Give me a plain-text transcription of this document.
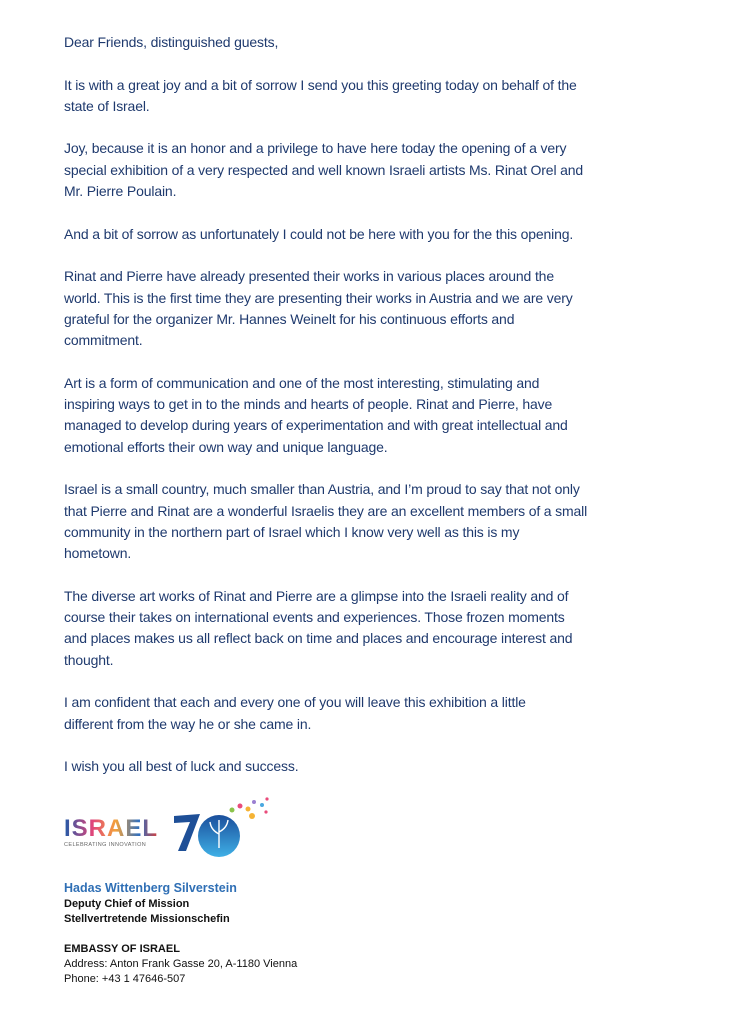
Dear Friends, distinguished guests,

It is with a great joy and a bit of sorrow I send you this greeting today on behalf of the
state of Israel.

Joy, because it is an honor and a privilege to have here today the opening of a very
special exhibition of a very respected and well known Israeli artists Ms. Rinat Orel and
Mr. Pierre Poulain.

And a bit of sorrow as unfortunately I could not be here with you for the this opening.

Rinat and Pierre have already presented their works in various places around the
world. This is the first time they are presenting their works in Austria and we are very
grateful for the organizer Mr. Hannes Weinelt for his continuous efforts and
commitment.

Art is a form of communication and one of the most interesting, stimulating and
inspiring ways to get in to the minds and hearts of people. Rinat and Pierre, have
managed to develop during years of experimentation and with great intellectual and
emotional efforts their own way and unique language.

Israel is a small country, much smaller than Austria, and I’m proud to say that not only
that Pierre and Rinat are a wonderful Israelis they are an excellent members of a small
community in the northern part of Israel which I know very well as this is my
hometown.

The diverse art works of Rinat and Pierre are a glimpse into the Israeli reality and of
course their takes on international events and experiences. Those frozen moments
and places makes us all reflect back on time and places and encourage interest and
thought.

I am confident that each and every one of you will leave this exhibition a little
different from the way he or she came in.

I wish you all best of luck and success.

ISRAEL
CELEBRATING INNOVATION
Hadas Wittenberg Silverstein
Deputy Chief of Mission
Stellvertretende Missionschefin
EMBASSY OF ISRAEL
Address: Anton Frank Gasse 20, A-1180 Vienna
Phone: +43 1 47646-507
